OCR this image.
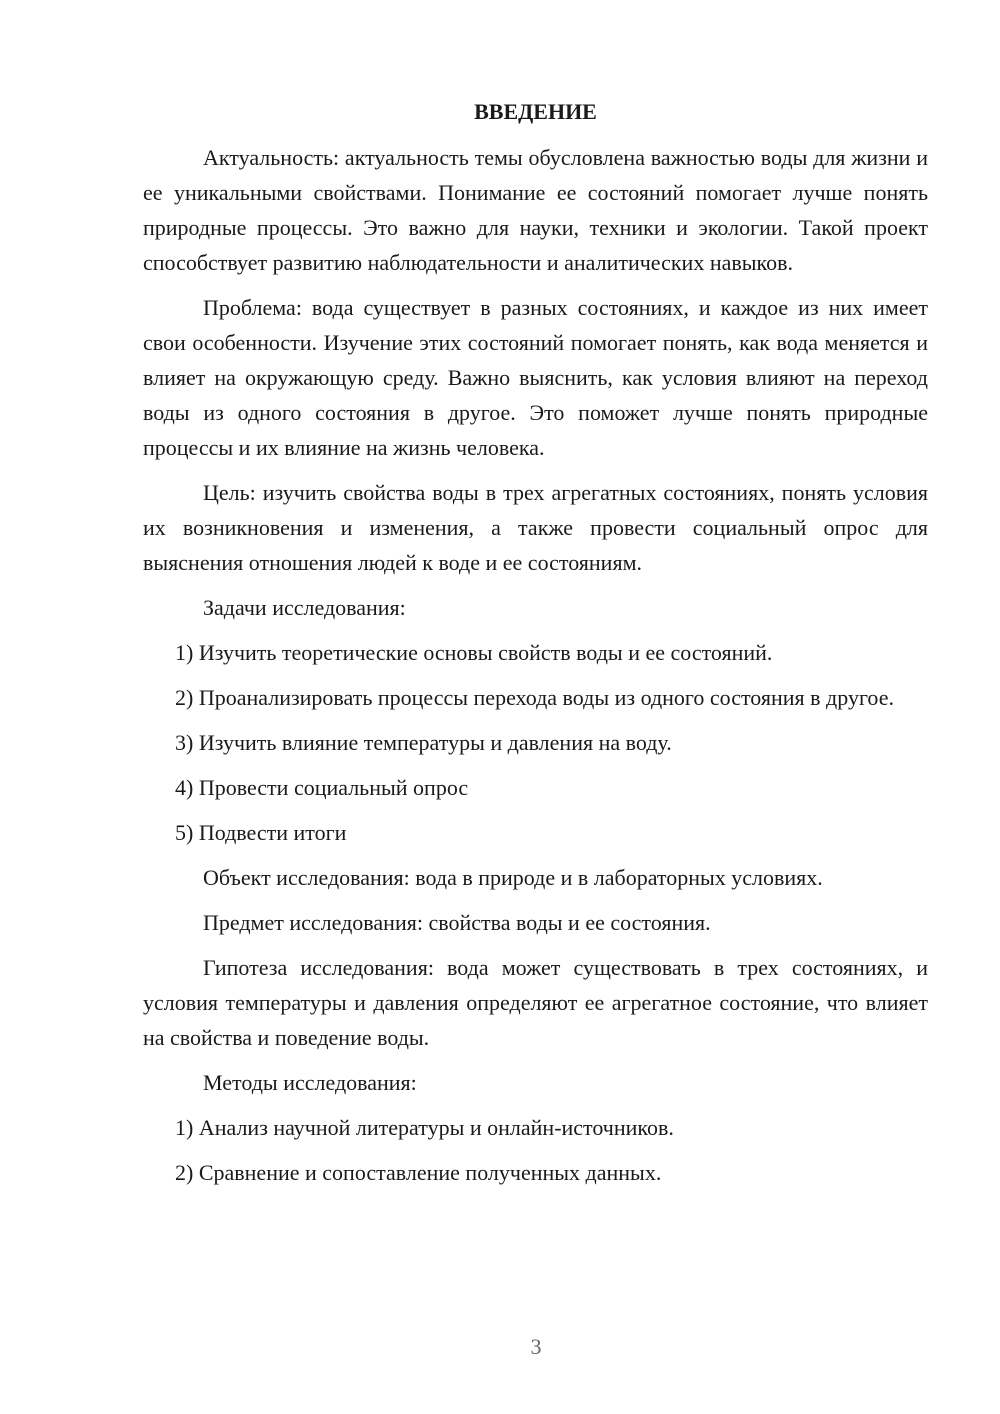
ВВЕДЕНИЕ

Актуальность: актуальность темы обусловлена важностью воды для жизни и ее уникальными свойствами. Понимание ее состояний помогает лучше понять природные процессы. Это важно для науки, техники и экологии. Такой проект способствует развитию наблюдательности и аналитических навыков.

Проблема: вода существует в разных состояниях, и каждое из них имеет свои особенности. Изучение этих состояний помогает понять, как вода меняется и влияет на окружающую среду. Важно выяснить, как условия влияют на переход воды из одного состояния в другое. Это поможет лучше понять природные процессы и их влияние на жизнь человека.

Цель: изучить свойства воды в трех агрегатных состояниях, понять условия их возникновения и изменения, а также провести социальный опрос для выяснения отношения людей к воде и ее состояниям.

Задачи исследования:

1) Изучить теоретические основы свойств воды и ее состояний.

2) Проанализировать процессы перехода воды из одного состояния в другое.

3) Изучить влияние температуры и давления на воду.

4) Провести социальный опрос

5) Подвести итоги

Объект исследования: вода в природе и в лабораторных условиях.

Предмет исследования: свойства воды и ее состояния.

Гипотеза исследования: вода может существовать в трех состояниях, и условия температуры и давления определяют ее агрегатное состояние, что влияет на свойства и поведение воды.

Методы исследования:

1) Анализ научной литературы и онлайн-источников.

2) Сравнение и сопоставление полученных данных.

3
